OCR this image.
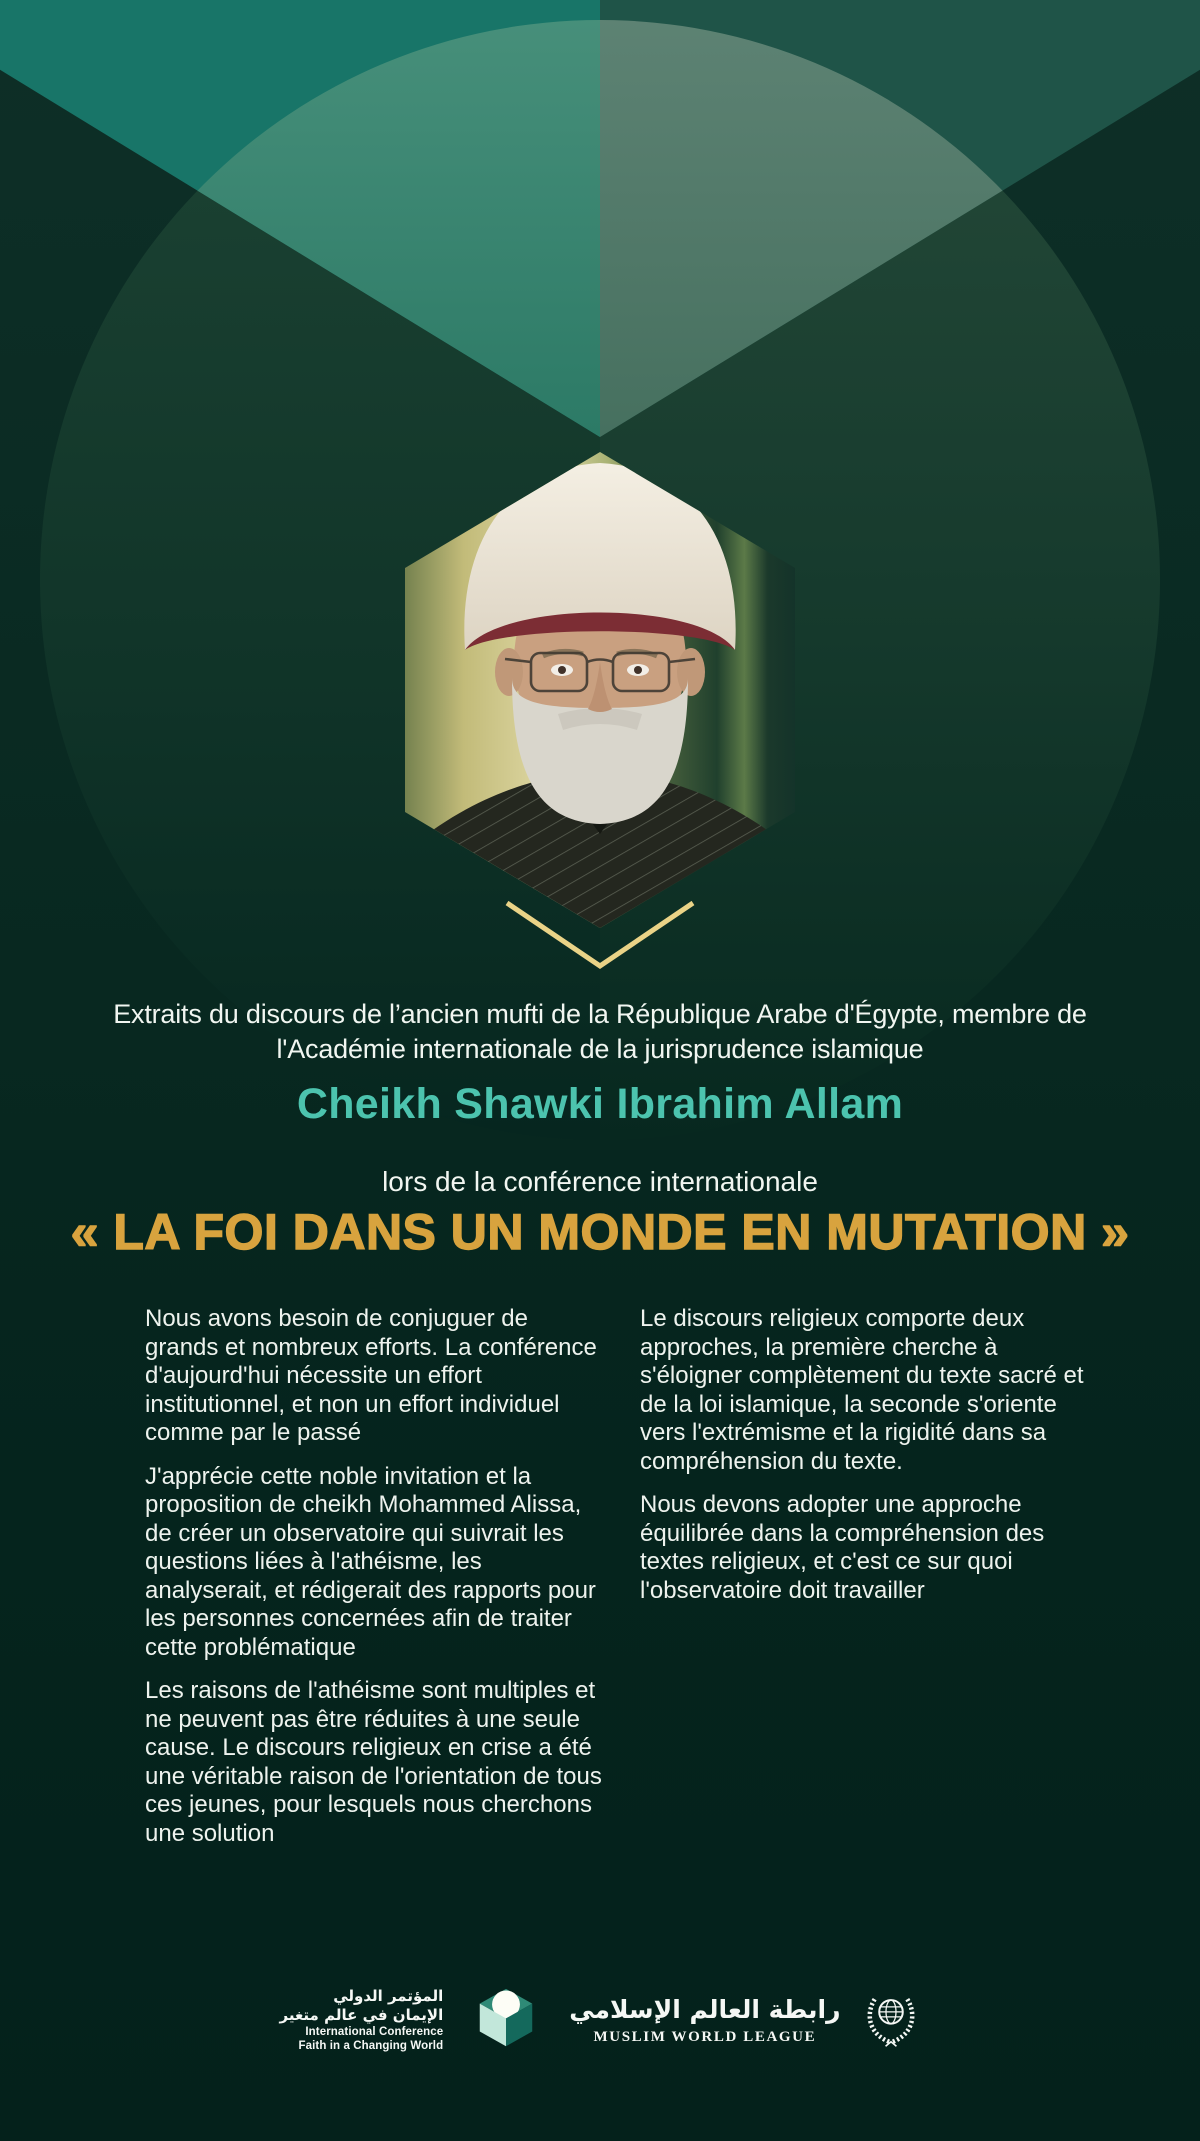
Extraits du discours de l’ancien mufti de la République Arabe d'Égypte, membre de
l'Académie internationale de la jurisprudence islamique
Cheikh Shawki Ibrahim Allam
lors de la conférence internationale
« LA FOI DANS UN MONDE EN MUTATION »

Nous avons besoin de conjuguer de grands et nombreux efforts. La conférence d'aujourd'hui nécessite un effort institutionnel, et non un effort individuel comme par le passé

J'apprécie cette noble invitation et la proposition de cheikh Mohammed Alissa, de créer un observatoire qui suivrait les questions liées à l'athéisme, les analyserait, et rédigerait des rapports pour les personnes concernées afin de traiter cette problématique

Les raisons de l'athéisme sont multiples et ne peuvent pas être réduites à une seule cause. Le discours religieux en crise a été une véritable raison de l'orientation de tous ces jeunes, pour lesquels nous cherchons une solution

Le discours religieux comporte deux approches, la première cherche à s'éloigner complètement du texte sacré et de la loi islamique, la seconde s'oriente vers l'extrémisme et la rigidité dans sa compréhension du texte.

Nous devons adopter une approche équilibrée dans la compréhension des textes religieux, et c'est ce sur quoi l'observatoire doit travailler

المؤتمر الدولي
الإيمان في عالم متغير
International Conference
Faith in a Changing World
رابطة العالم الإسلامي
MUSLIM WORLD LEAGUE
